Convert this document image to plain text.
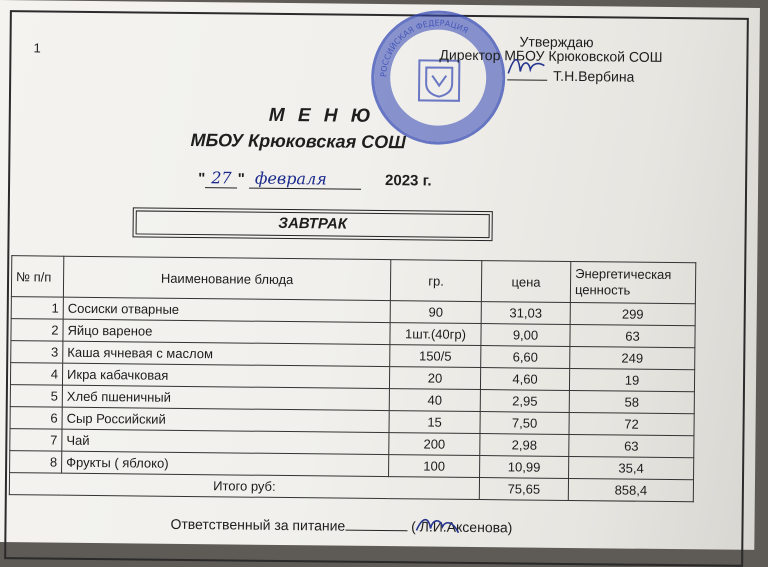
1
РОССИЙСКАЯ ФЕДЕРАЦИЯ
Утверждаю
Директор МБОУ Крюковской СОШ
Т.Н.Вербина
М Е Н Ю
МБОУ Крюковская СОШ
" 27 " февраля	2023 г.
ЗАВТРАК
№ п/п	Наименование блюда	гр.	цена	Энергетическая ценность
1	Сосиски отварные	90	31,03	299
2	Яйцо вареное	1шт.(40гр)	9,00	63
3	Каша ячневая с маслом	150/5	6,60	249
4	Икра кабачковая	20	4,60	19
5	Хлеб пшеничный	40	2,95	58
6	Сыр Российский	15	7,50	72
7	Чай	200	2,98	63
8	Фрукты ( яблоко)	100	10,99	35,4
Итого руб:			75,65	858,4
Ответственный за питание	( Л.И.Аксенова)
